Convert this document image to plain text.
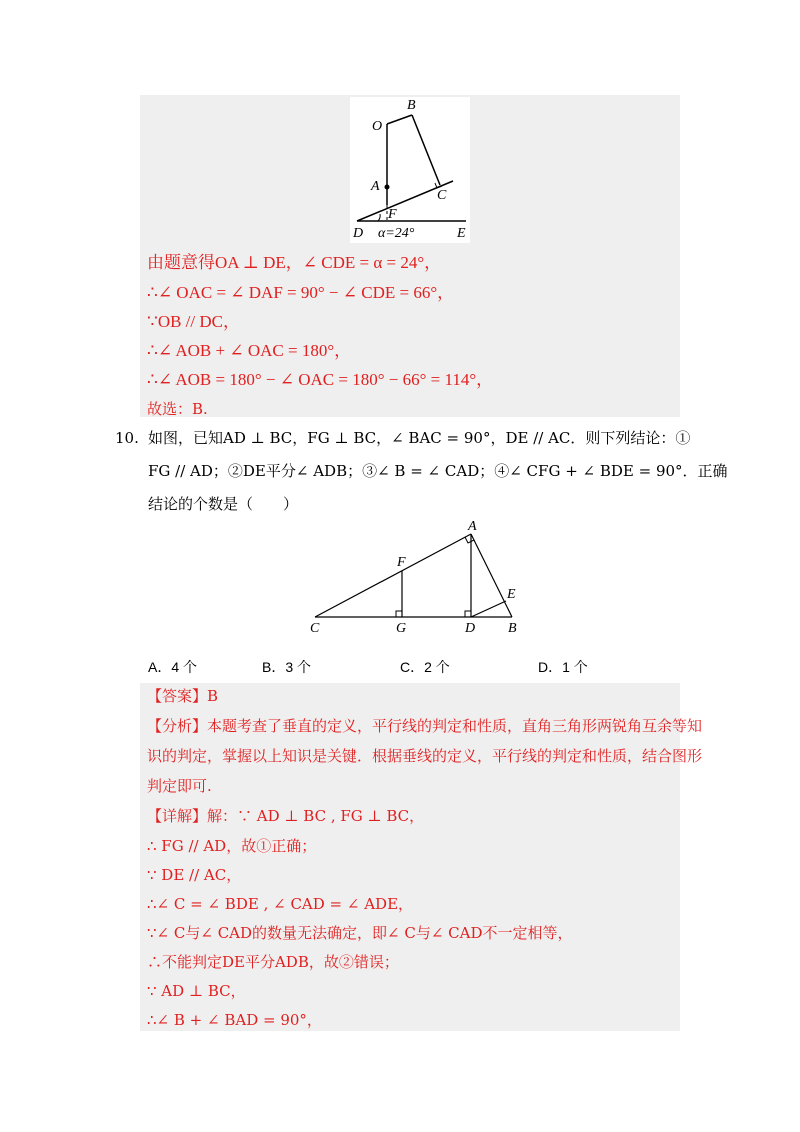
O
B
A
C
F
D	E
α=24°
由题意得OA ⊥ DE，∠ CDE = α = 24°，
∴∠ OAC = ∠ DAF = 90° − ∠ CDE = 66°，
∵OB // DC，
∴∠ AOB + ∠ OAC = 180°，
∴∠ AOB = 180° − ∠ OAC = 180° − 66° = 114°，
故选：B.
10. 如图，已知AD ⊥ BC，FG ⊥ BC，∠ BAC = 90°，DE // AC．则下列结论：①
FG // AD；②DE平分∠ ADB；③∠ B = ∠ CAD；④∠ CFG + ∠ BDE = 90°．正确
结论的个数是（　　）
A
F
E
C	G	D B
A．4 个	B．3 个	C．2 个	D．1 个
【答案】B
【分析】本题考查了垂直的定义，平行线的判定和性质，直角三角形两锐角互余等知
识的判定，掌握以上知识是关键．根据垂线的定义，平行线的判定和性质，结合图形
判定即可.
【详解】解：∵ AD ⊥ BC , FG ⊥ BC，
∴ FG // AD，故①正确；
∵ DE // AC，
∴∠ C = ∠ BDE , ∠ CAD = ∠ ADE，
∵∠ C与∠ CAD的数量无法确定，即∠ C与∠ CAD不一定相等，
∴不能判定DE平分ADB，故②错误；
∵ AD ⊥ BC，
∴∠ B + ∠ BAD = 90°，
